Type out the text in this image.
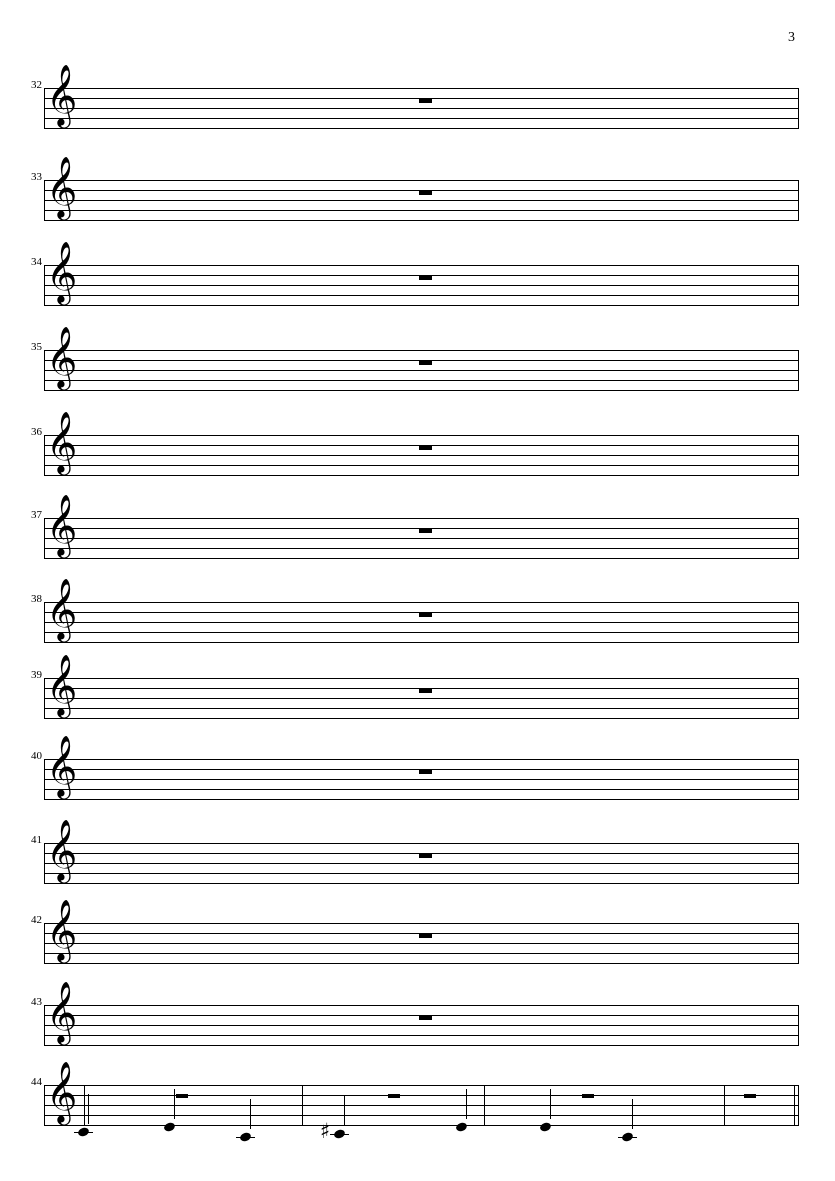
3
32 𝄞
33 𝄞
34 𝄞
35 𝄞
36 𝄞
37 𝄞
38 𝄞
39 𝄞
40 𝄞
41 𝄞
42 𝄞
43 𝄞
44 𝄞
♯
